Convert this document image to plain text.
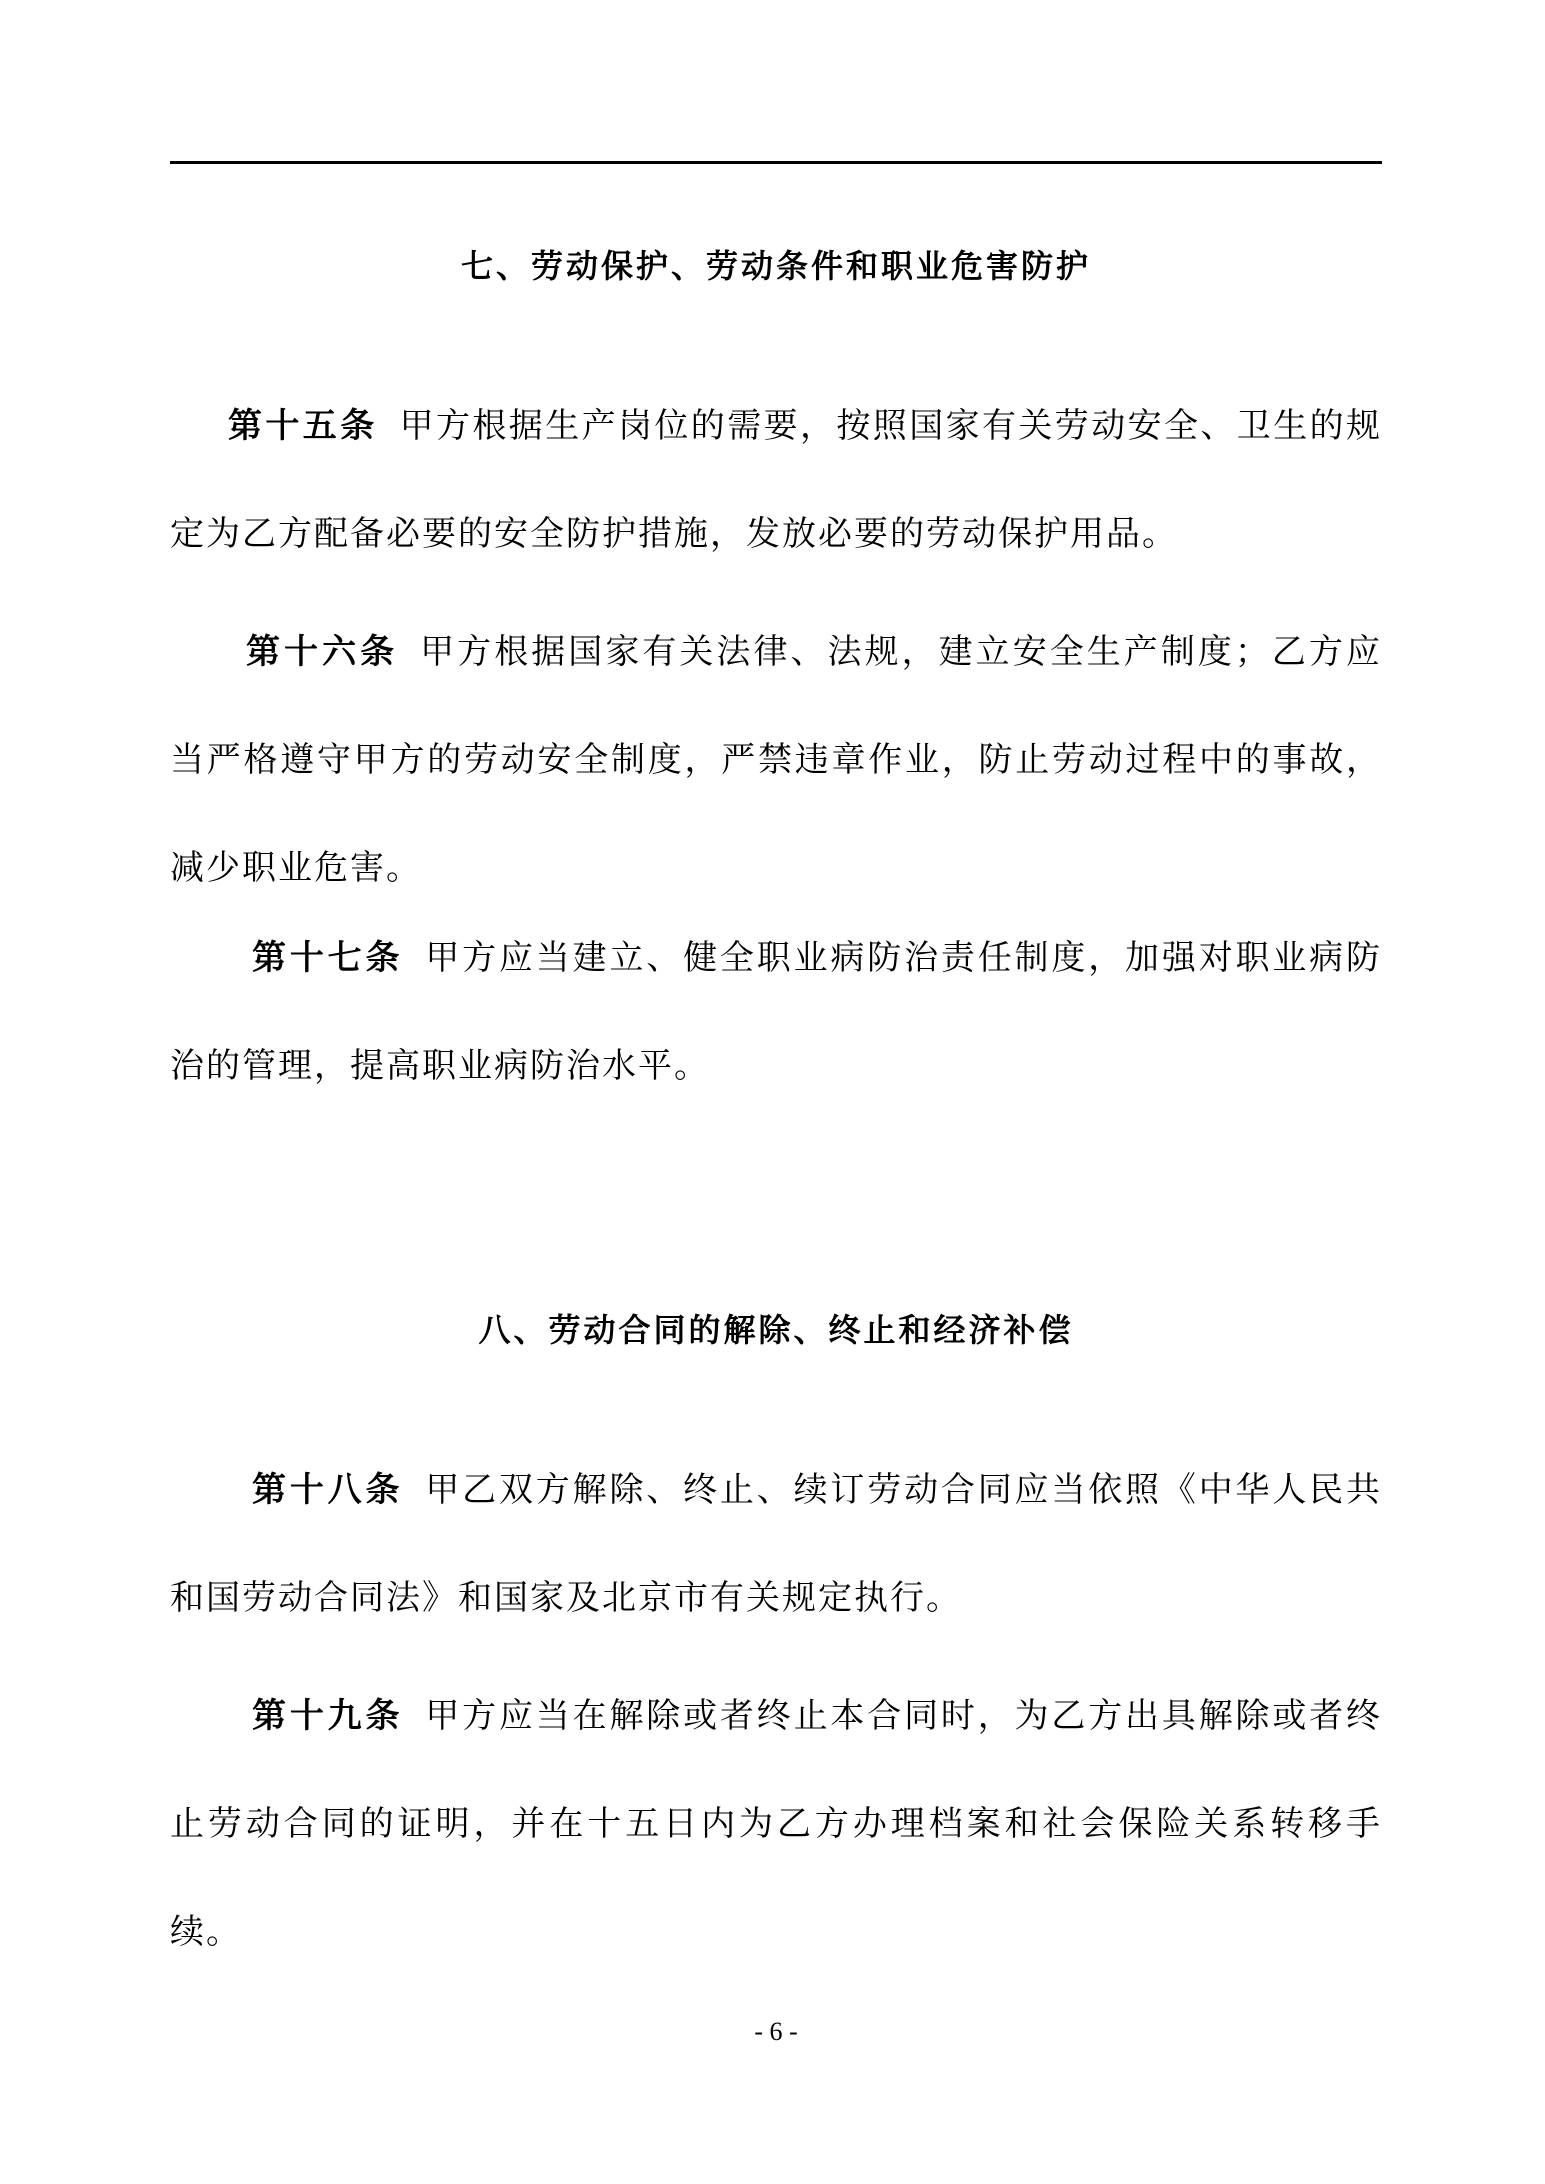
七、劳动保护、劳动条件和职业危害防护

第十五条 甲方根据生产岗位的需要，按照国家有关劳动安全、卫生的规定为乙方配备必要的安全防护措施，发放必要的劳动保护用品。

第十六条 甲方根据国家有关法律、法规，建立安全生产制度；乙方应当严格遵守甲方的劳动安全制度，严禁违章作业，防止劳动过程中的事故，减少职业危害。

第十七条 甲方应当建立、健全职业病防治责任制度，加强对职业病防治的管理，提高职业病防治水平。

八、劳动合同的解除、终止和经济补偿

第十八条 甲乙双方解除、终止、续订劳动合同应当依照《中华人民共和国劳动合同法》和国家及北京市有关规定执行。

第十九条 甲方应当在解除或者终止本合同时，为乙方出具解除或者终止劳动合同的证明，并在十五日内为乙方办理档案和社会保险关系转移手续。

- 6 -
